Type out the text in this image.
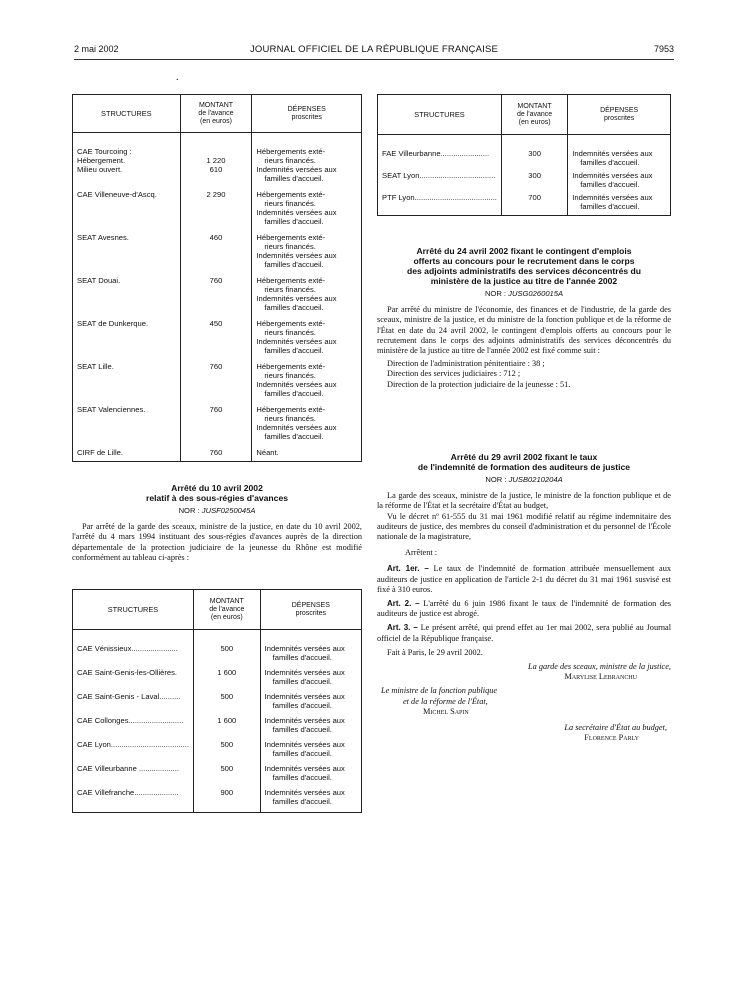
2 mai 2002	JOURNAL OFFICIEL DE LA RÉPUBLIQUE FRANÇAISE	7953
.
STRUCTURES	MONTANT
de l'avance
(en euros)	DÉPENSES
proscrites

CAE Tourcoing :
Hébergement.
Milieu ouvert.	1 220
610	Hébergements exté-
rieurs financés.
Indemnités versées aux
familles d'accueil.

CAE Villeneuve-d'Ascq.	2 290	Hébergements exté-
rieurs financés.
Indemnités versées aux
familles d'accueil.

SEAT Avesnes.	460	Hébergements exté-
rieurs financés.
Indemnités versées aux
familles d'accueil.

SEAT Douai.	760	Hébergements exté-
rieurs financés.
Indemnités versées aux
familles d'accueil.

SEAT de Dunkerque.	450	Hébergements exté-
rieurs financés.
Indemnités versées aux
familles d'accueil.

SEAT Lille.	760	Hébergements exté-
rieurs financés.
Indemnités versées aux
familles d'accueil.

SEAT Valenciennes.	760	Hébergements exté-
rieurs financés.
Indemnités versées aux
familles d'accueil.

CIRF de Lille.	760	Néant.

Arrêté du 10 avril 2002

relatif à des sous-régies d'avances

NOR : JUSF0250045A

Par arrêté de la garde des sceaux, ministre de la justice, en date du 10 avril 2002, l'arrêté du 4 mars 1994 instituant des sous-régies d'avances auprès de la direction départementale de la protection judiciaire de la jeunesse du Rhône est modifié conformément au tableau ci-après :

STRUCTURES	MONTANT
de l'avance
(en euros)	DÉPENSES
proscrites

CAE Vénissieux......................	500	Indemnités versées aux
familles d'accueil.

CAE Saint-Genis-les-Ollières.	1 600	Indemnités versées aux
familles d'accueil.

CAE Saint-Genis - Laval..........	500	Indemnités versées aux
familles d'accueil.

CAE Collonges..........................	1 600	Indemnités versées aux
familles d'accueil.

CAE Lyon.....................................	500	Indemnités versées aux
familles d'accueil.

CAE Villeurbanne ...................	500	Indemnités versées aux
familles d'accueil.

CAE Villefranche.....................	900	Indemnités versées aux
familles d'accueil.
STRUCTURES	MONTANT
de l'avance
(en euros)	DÉPENSES
proscrites

FAE Villeurbanne.......................	300	Indemnités versées aux
familles d'accueil.

SEAT Lyon....................................	300	Indemnités versées aux
familles d'accueil.

PTF Lyon.......................................	700	Indemnités versées aux
familles d'accueil.

Arrêté du 24 avril 2002 fixant le contingent d'emplois

offerts au concours pour le recrutement dans le corps

des adjoints administratifs des services déconcentrés du

ministère de la justice au titre de l'année 2002

NOR : JUSG0260015A

Par arrêté du ministre de l'économie, des finances et de l'industrie, de la garde des sceaux, ministre de la justice, et du ministre de la fonction publique et de la réforme de l'État en date du 24 avril 2002, le contingent d'emplois offerts au concours pour le recrutement dans le corps des adjoints administratifs des services déconcentrés du ministère de la justice au titre de l'année 2002 est fixé comme suit :

Direction de l'administration pénitentiaire : 38 ;

Direction des services judiciaires : 712 ;

Direction de la protection judiciaire de la jeunesse : 51.

Arrêté du 29 avril 2002 fixant le taux

de l'indemnité de formation des auditeurs de justice

NOR : JUSB0210204A

La garde des sceaux, ministre de la justice, le ministre de la fonction publique et de la réforme de l'État et la secrétaire d'État au budget,

Vu le décret nº 61-555 du 31 mai 1961 modifié relatif au régime indemnitaire des auditeurs de justice, des membres du conseil d'administration et du personnel de l'École nationale de la magistrature,

Arrêtent :

Art. 1er. – Le taux de l'indemnité de formation attribuée mensuellement aux auditeurs de justice en application de l'article 2-1 du décret du 31 mai 1961 susvisé est fixé à 310 euros.

Art. 2. – L'arrêté du 6 juin 1986 fixant le taux de l'indemnité de formation des auditeurs de justice est abrogé.

Art. 3. – Le présent arrêté, qui prend effet au 1er mai 2002, sera publié au Journal officiel de la République française.

Fait à Paris, le 29 avril 2002.

La garde des sceaux, ministre de la justice,

Marylise Lebranchu

Le ministre de la fonction publique

et de la réforme de l'État,

Michel Sapin

La secrétaire d'État au budget,

Florence Parly
